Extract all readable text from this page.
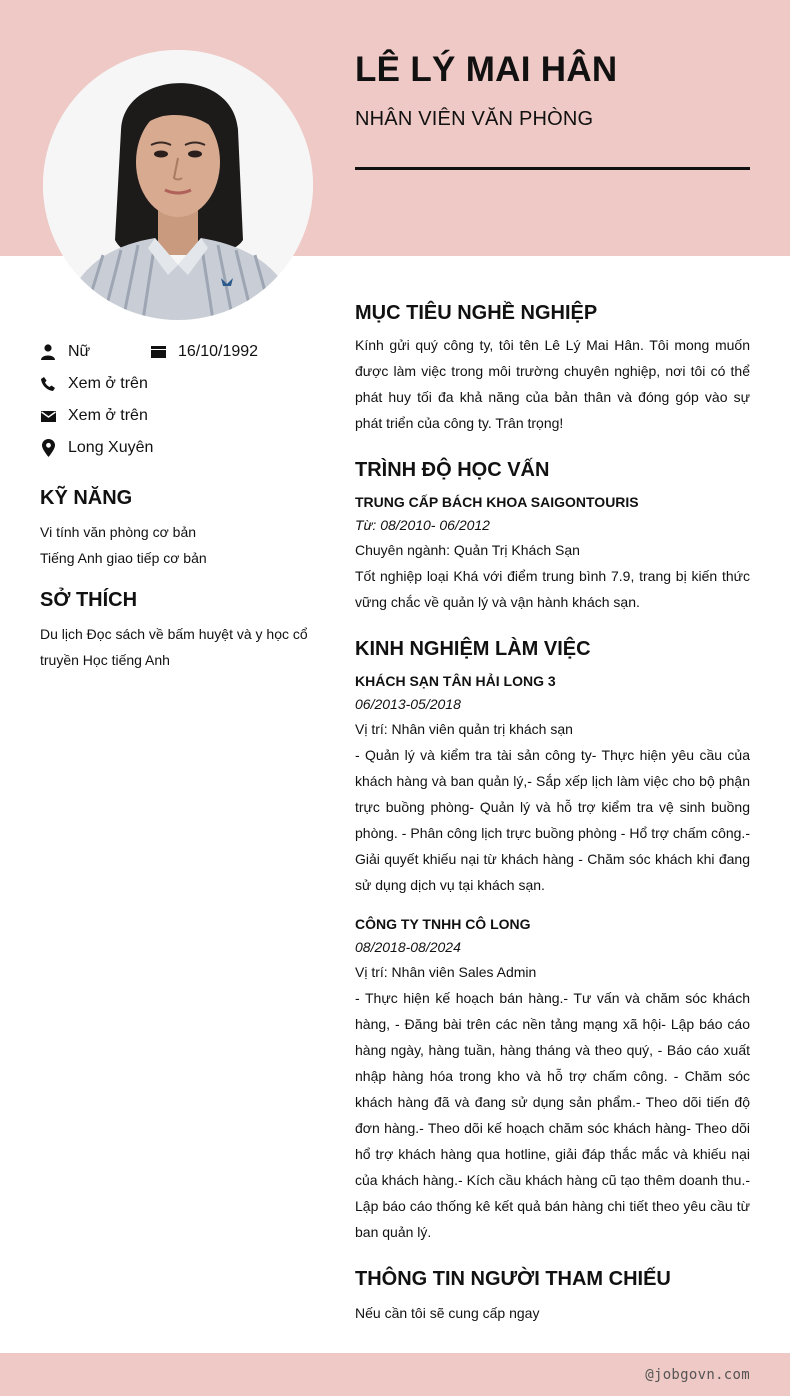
LÊ LÝ MAI HÂN
NHÂN VIÊN VĂN PHÒNG
Nữ	16/10/1992
Xem ở trên
Xem ở trên
Long Xuyên
KỸ NĂNG
Vi tính văn phòng cơ bản
Tiếng Anh giao tiếp cơ bản
SỞ THÍCH
Du lịch Đọc sách về bấm huyệt và y học cổ truyền Học tiếng Anh
MỤC TIÊU NGHỀ NGHIỆP
Kính gửi quý công ty, tôi tên Lê Lý Mai Hân. Tôi mong muốn được làm việc trong môi trường chuyên nghiệp, nơi tôi có thể phát huy tối đa khả năng của bản thân và đóng góp vào sự phát triển của công ty. Trân trọng!
TRÌNH ĐỘ HỌC VẤN
TRUNG CẤP BÁCH KHOA SAIGONTOURIS
Từ: 08/2010- 06/2012
Chuyên ngành: Quản Trị Khách Sạn
Tốt nghiệp loại Khá với điểm trung bình 7.9, trang bị kiến thức vững chắc về quản lý và vận hành khách sạn.
KINH NGHIỆM LÀM VIỆC
KHÁCH SẠN TÂN HẢI LONG 3
06/2013-05/2018
Vị trí: Nhân viên quản trị khách sạn
- Quản lý và kiểm tra tài sản công ty- Thực hiện yêu cầu của khách hàng và ban quản lý,- Sắp xếp lịch làm việc cho bộ phận trực buồng phòng- Quản lý và hỗ trợ kiểm tra vệ sinh buồng phòng. - Phân công lịch trực buồng phòng - Hổ trợ chấm công.- Giải quyết khiếu nại từ khách hàng - Chăm sóc khách khi đang sử dụng dịch vụ tại khách sạn.
CÔNG TY TNHH CÔ LONG
08/2018-08/2024
Vị trí: Nhân viên Sales Admin
- Thực hiện kế hoạch bán hàng.- Tư vấn và chăm sóc khách hàng, - Đăng bài trên các nền tảng mạng xã hội- Lập báo cáo hàng ngày, hàng tuần, hàng tháng và theo quý, - Báo cáo xuất nhập hàng hóa trong kho và hỗ trợ chấm công. - Chăm sóc khách hàng đã và đang sử dụng sản phẩm.- Theo dõi tiến độ đơn hàng.- Theo dõi kế hoạch chăm sóc khách hàng- Theo dõi hổ trợ khách hàng qua hotline, giải đáp thắc mắc và khiếu nại của khách hàng.- Kích cầu khách hàng cũ tạo thêm doanh thu.- Lập báo cáo thống kê kết quả bán hàng chi tiết theo yêu cầu từ ban quản lý.
THÔNG TIN NGƯỜI THAM CHIẾU
Nếu cần tôi sẽ cung cấp ngay
@jobgovn.com
